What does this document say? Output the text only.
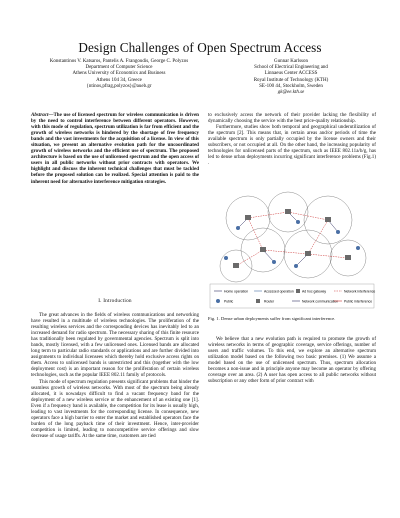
Design Challenges of Open Spectrum Access
Konstantinos V. Katsaros, Pantelis A. Frangoudis, George C. Polyzos
Department of Computer Science
Athens University of Economics and Business
Athens 104 34, Greece
{ntinos,pfrag,polyzos}@aueb.gr
Gunnar Karlsson
School of Electrical Engineering and
Linnaeus Center ACCESS
Royal Institute of Technology (KTH)
SE-100 44, Stockholm, Sweden
gk@ee.kth.se
Abstract—The use of licensed spectrum for wireless communication is driven by the need to control interference between different operators. However, with this mode of regulation, spectrum utilization is far from efficient and the growth of wireless networks is hindered by the shortage of free frequency bands and the vast investments for the acquisition of a license. In view of this situation, we present an alternative evolution path for the uncoordinated growth of wireless networks and the efficient use of spectrum. The proposed architecture is based on the use of unlicensed spectrum and the open access of users in all public networks without prior contracts with operators. We highlight and discuss the inherent technical challenges that must be tackled before the proposed solution can be realized. Special attention is paid to the inherent need for alternative interference mitigation strategies.
I. Introduction

The great advances in the fields of wireless communications and networking have resulted in a multitude of wireless technologies. The proliferation of the resulting wireless services and the corresponding devices has inevitably led to an increased demand for radio spectrum. The necessary sharing of this finite resource has traditionally been regulated by governmental agencies. Spectrum is split into bands, mostly licensed, with a few unlicensed ones. Licensed bands are allocated long term to particular radio standards or applications and are further divided into assignments to individual licensees which thereby hold exclusive access rights on them. Access to unlicensed bands is unrestricted and this (together with the low deployment cost) is an important reason for the proliferation of certain wireless technologies, such as the popular IEEE 802.11 family of protocols.

This mode of spectrum regulation presents significant problems that hinder the seamless growth of wireless networks. With most of the spectrum being already allocated, it is nowadays difficult to find a vacant frequency band for the deployment of a new wireless service or the enhancement of an existing one [1]. Even if a frequency band is available, the competition for its lease is usually high, leading to vast investments for the corresponding license. In consequence, new operators face a high barrier to enter the market and established operators face the burden of the long payback time of their investment. Hence, inter-provider competition is limited, leading to noncompetitive service offerings and slow decrease of usage tariffs. At the same time, customers are tied

to exclusively access the network of their provider lacking the flexibility of dynamically choosing the service with the best price-quality relationship.

Furthermore, studies show both temporal and geographical underutilization of the spectrum [2]. This means that, in certain areas and/or periods of time the available spectrum is only partially occupied by the license owners and their subscribers, or not occupied at all. On the other hand, the increasing popularity of technologies for unlicensed parts of the spectrum, such as IEEE 802.11a/b/g, has led to dense urban deployments incurring significant interference problems (Fig.1) .

Home operation	Accessed operation Ad hoc gateway	Network interference
Public	Router	Network communication Public interference
Fig. 1. Dense urban deployments suffer from significant interference.

We believe that a new evolution path is required to promote the growth of wireless networks in terms of geographic coverage, service offerings, number of users and traffic volumes. To this end, we explore an alternative spectrum utilization model based on the following two basic premises. (1) We assume a model based on the use of unlicensed spectrum. Thus, spectrum allocation becomes a non-issue and in principle anyone may become an operator by offering coverage over an area. (2) A user has open access to all public networks without subscription or any other form of prior contract with
